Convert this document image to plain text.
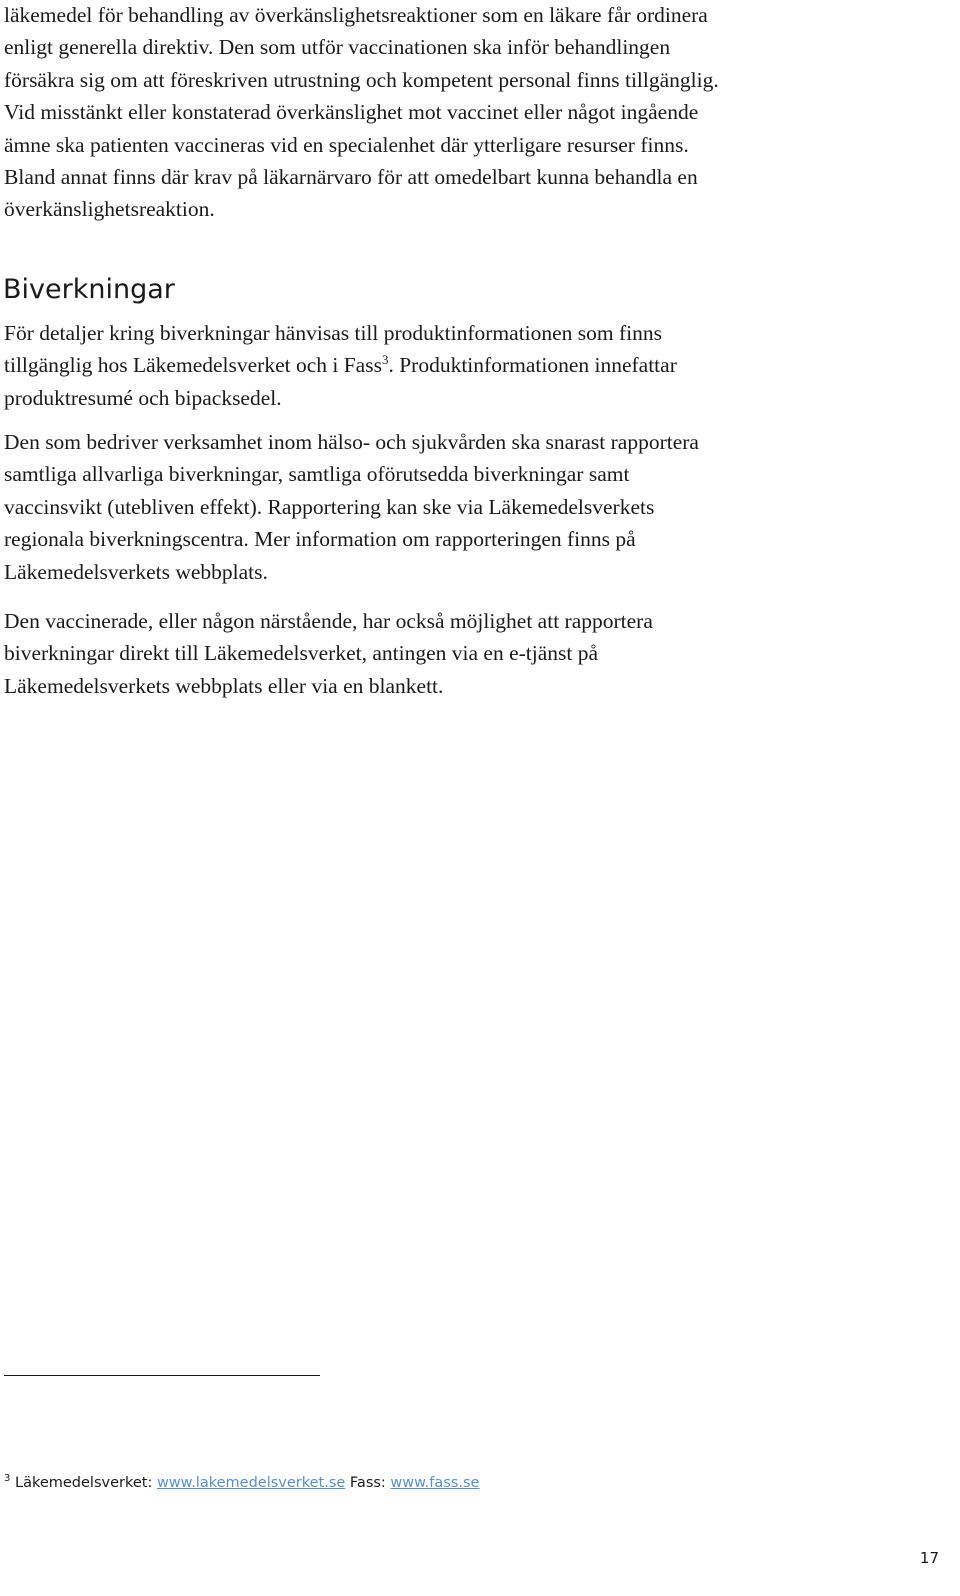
läkemedel för behandling av överkänslighetsreaktioner som en läkare får ordinera
enligt generella direktiv. Den som utför vaccinationen ska inför behandlingen
försäkra sig om att föreskriven utrustning och kompetent personal finns tillgänglig.
Vid misstänkt eller konstaterad överkänslighet mot vaccinet eller något ingående
ämne ska patienten vaccineras vid en specialenhet där ytterligare resurser finns.
Bland annat finns där krav på läkarnärvaro för att omedelbart kunna behandla en
överkänslighetsreaktion.
Biverkningar
För detaljer kring biverkningar hänvisas till produktinformationen som finns
tillgänglig hos Läkemedelsverket och i Fass$^3$. Produktinformationen innefattar
produktresumé och bipacksedel.
Den som bedriver verksamhet inom hälso- och sjukvården ska snarast rapportera
samtliga allvarliga biverkningar, samtliga oförutsedda biverkningar samt
vaccinsvikt (utebliven effekt). Rapportering kan ske via Läkemedelsverkets
regionala biverkningscentra. Mer information om rapporteringen finns på
Läkemedelsverkets webbplats.
Den vaccinerade, eller någon närstående, har också möjlighet att rapportera
biverkningar direkt till Läkemedelsverket, antingen via en e-tjänst på
Läkemedelsverkets webbplats eller via en blankett.
$^3$ Läkemedelsverket: www.lakemedelsverket.se Fass: www.fass.se
17
